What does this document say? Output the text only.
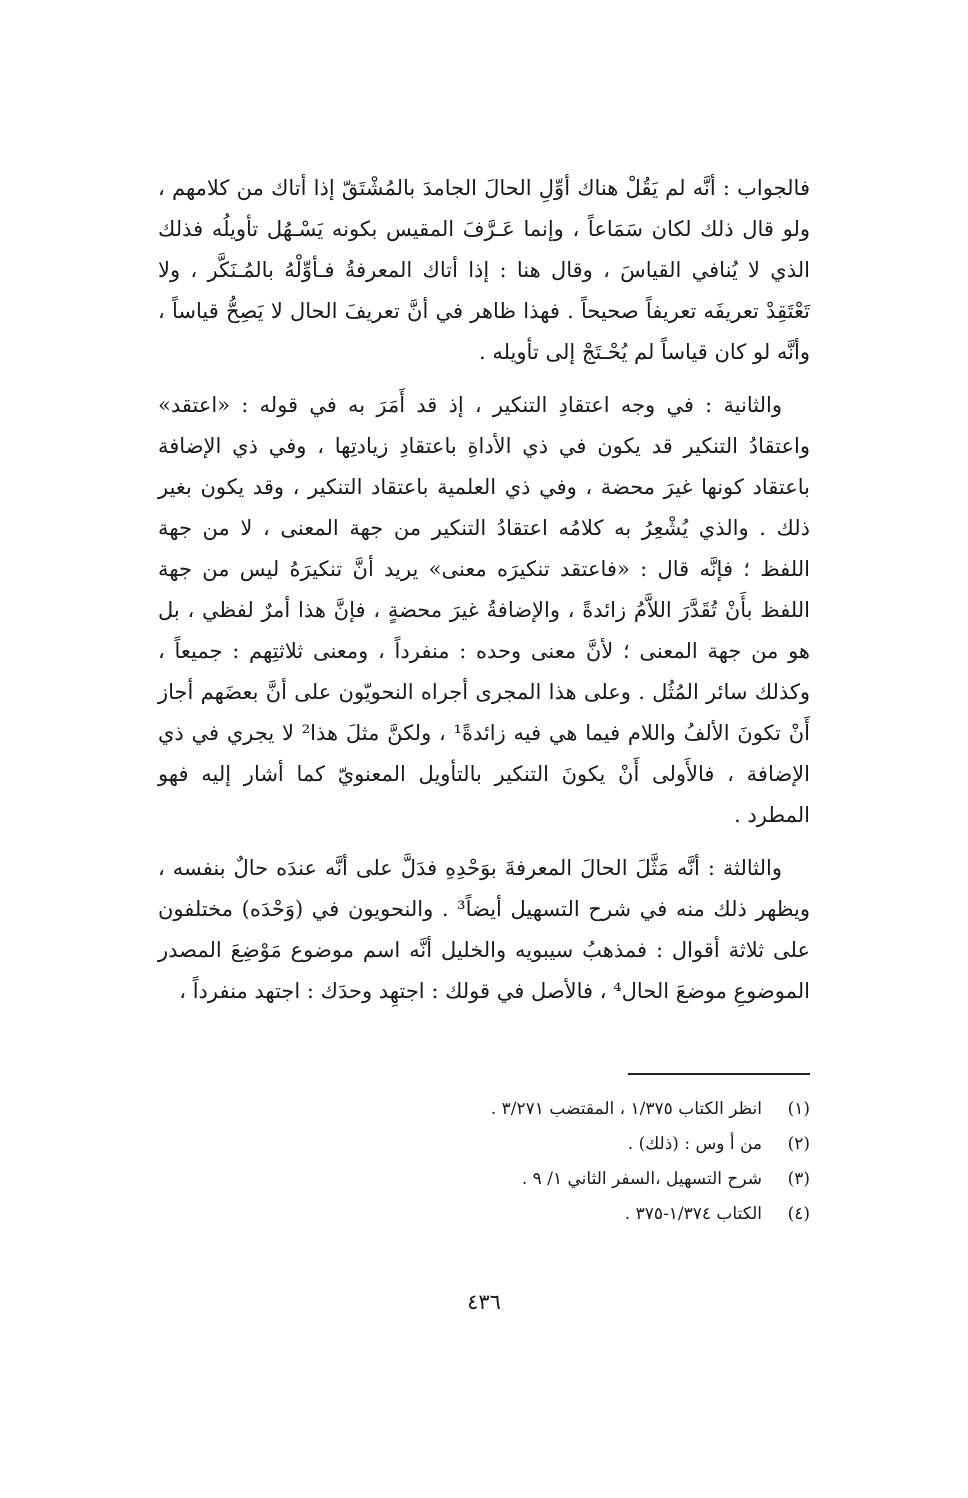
فالجواب : أنَّه لم يَقُلْ هناك أوِّلِ الحالَ الجامدَ بالمُشْتَقّ إذا أتاك من كلامهم ، ولو قال ذلك لكان سَمَاعاً ، وإنما عَـرَّفَ المقيس بكونه يَسْـهُل تأويلُه فذلك الذي لا يُنافي القياسَ ، وقال هنا : إذا أتاك المعرفةُ فـأوِّلْهُ بالمُـنَكَّر ، ولا تَعْتَقِدْ تعريفَه تعريفاً صحيحاً . فهذا ظاهر في أنَّ تعريفَ الحال لا يَصِحُّ قياساً ، وأنَّه لو كان قياساً لم يُحْـتَجْ إلى تأويله .

والثانية : في وجه اعتقادِ التنكير ، إذ قد أَمَرَ به في قوله : «اعتقد» واعتقادُ التنكير قد يكون في ذي الأداةِ باعتقادِ زيادتِها ، وفي ذي الإضافة باعتقاد كونها غيرَ محضة ، وفي ذي العلمية باعتقاد التنكير ، وقد يكون بغير ذلك . والذي يُشْعِرُ به كلامُه اعتقادُ التنكير من جهة المعنى ، لا من جهة اللفظ ؛ فإنَّه قال : «فاعتقد تنكيرَه معنى» يريد أنَّ تنكيرَهُ ليس من جهة اللفظ بأَنْ تُقَدَّرَ اللاَّمُ زائدةً ، والإضافةُ غيرَ محضةٍ ، فإنَّ هذا أمرٌ لفظي ، بل هو من جهة المعنى ؛ لأنَّ معنى وحده : منفرداً ، ومعنى ثلاثتِهم : جميعاً ، وكذلك سائر المُثُل . وعلى هذا المجرى أجراه النحويّون على أنَّ بعضَهم أجاز أَنْ تكونَ الألفُ واللام فيما هي فيه زائدةً¹ ، ولكنَّ مثلَ هذا² لا يجري في ذي الإضافة ، فالأَولى أَنْ يكونَ التنكير بالتأويل المعنويّ كما أشار إليه فهو المطرد .

والثالثة : أنَّه مَثَّلَ الحالَ المعرفةَ بوَحْدِهِ فدَلَّ على أنَّه عندَه حالٌ بنفسه ، ويظهر ذلك منه في شرح التسهيل أيضاً³ . والنحويون في (وَحْدَه) مختلفون على ثلاثة أقوال : فمذهبُ سيبويه والخليل أنَّه اسم موضوع مَوْضِعَ المصدر الموضوعِ موضعَ الحال⁴ ، فالأصل في قولك : اجتهِد وحدَك : اجتهد منفرداً ،

(١)
انظر الكتاب ١/٣٧٥ ، المقتضب ٣/٢٧١ .
(٢)
من أ وس : (ذلك) .
(٣)
شرح التسهيل ،السفر الثاني ١/ ٩ .
(٤)
الكتاب ١/٣٧٤-٣٧٥ .
٤٣٦
